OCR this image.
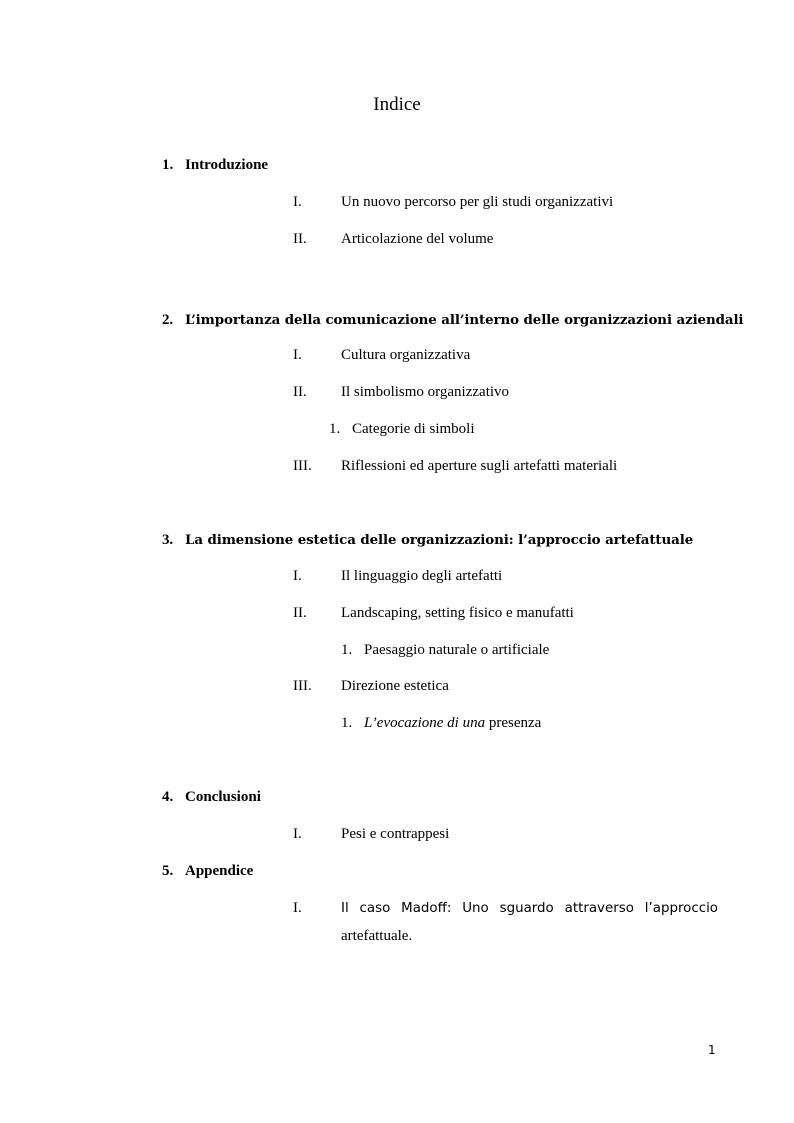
Indice
1. Introduzione
I.	Un nuovo percorso per gli studi organizzativi
II. Articolazione del volume
2. L’importanza della comunicazione all’interno delle organizzazioni aziendali
I.	Cultura organizzativa
II. Il simbolismo organizzativo
1. Categorie di simboli
III. Riflessioni ed aperture sugli artefatti materiali
3. La dimensione estetica delle organizzazioni: l’approccio artefattuale
I.	Il linguaggio degli artefatti
II. Landscaping, setting fisico e manufatti
1. Paesaggio naturale o artificiale
III. Direzione estetica
1. L’evocazione di una presenza
4. Conclusioni
I.	Pesi e contrappesi
5. Appendice
I.	Il caso Madoff: Uno sguardo attraverso l’approccio
artefattuale.
1
